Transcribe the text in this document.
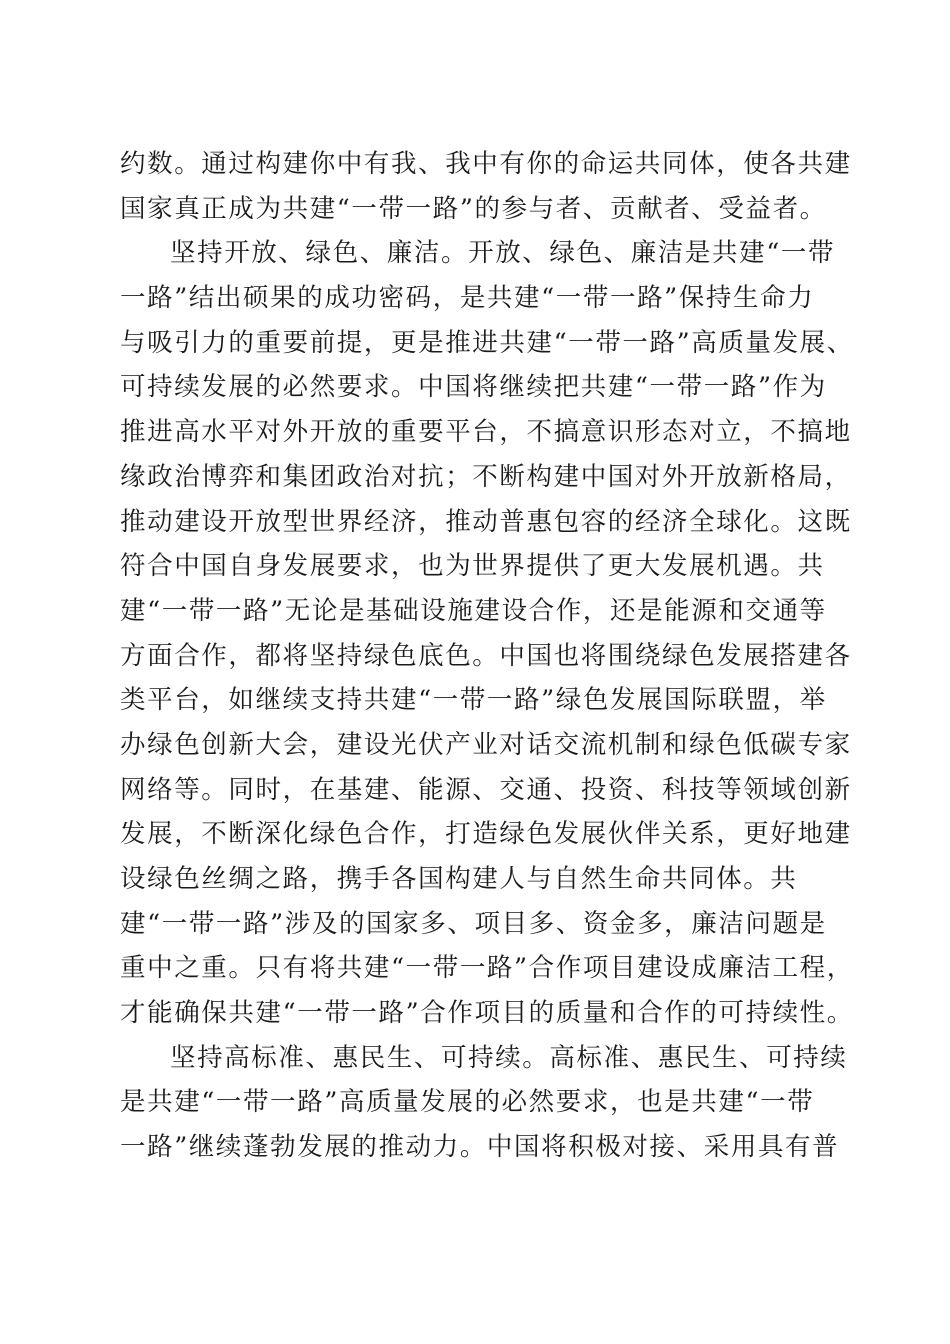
约数。通过构建你中有我、我中有你的命运共同体，使各共建
国家真正成为共建“一带一路”的参与者、贡献者、受益者。
坚持开放、绿色、廉洁。开放、绿色、廉洁是共建“一带
一路”结出硕果的成功密码，是共建“一带一路”保持生命力
与吸引力的重要前提，更是推进共建“一带一路”高质量发展、
可持续发展的必然要求。中国将继续把共建“一带一路”作为
推进高水平对外开放的重要平台，不搞意识形态对立，不搞地
缘政治博弈和集团政治对抗；不断构建中国对外开放新格局，
推动建设开放型世界经济，推动普惠包容的经济全球化。这既
符合中国自身发展要求，也为世界提供了更大发展机遇。共
建“一带一路”无论是基础设施建设合作，还是能源和交通等
方面合作，都将坚持绿色底色。中国也将围绕绿色发展搭建各
类平台，如继续支持共建“一带一路”绿色发展国际联盟，举
办绿色创新大会，建设光伏产业对话交流机制和绿色低碳专家
网络等。同时，在基建、能源、交通、投资、科技等领域创新
发展，不断深化绿色合作，打造绿色发展伙伴关系，更好地建
设绿色丝绸之路，携手各国构建人与自然生命共同体。共
建“一带一路”涉及的国家多、项目多、资金多，廉洁问题是
重中之重。只有将共建“一带一路”合作项目建设成廉洁工程，
才能确保共建“一带一路”合作项目的质量和合作的可持续性。
坚持高标准、惠民生、可持续。高标准、惠民生、可持续
是共建“一带一路”高质量发展的必然要求，也是共建“一带
一路”继续蓬勃发展的推动力。中国将积极对接、采用具有普
